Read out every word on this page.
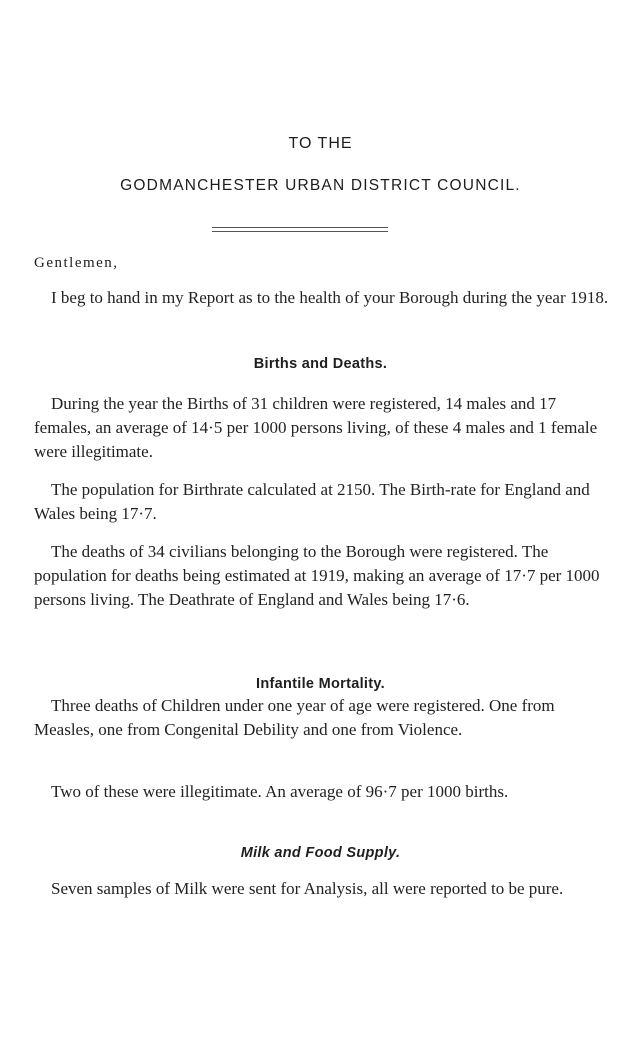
TO THE
GODMANCHESTER URBAN DISTRICT COUNCIL.
Gentlemen,

I beg to hand in my Report as to the health of your Borough during the year 1918.

Births and Deaths.

During the year the Births of 31 children were registered, 14 males and 17 females, an average of 14·5 per 1000 persons living, of these 4 males and 1 female were illegitimate.

The population for Birthrate calculated at 2150. The Birth-rate for England and Wales being 17·7.

The deaths of 34 civilians belonging to the Borough were registered. The population for deaths being estimated at 1919, making an average of 17·7 per 1000 persons living. The Deathrate of England and Wales being 17·6.

Infantile Mortality.

Three deaths of Children under one year of age were registered. One from Measles, one from Congenital Debility and one from Violence.

Two of these were illegitimate. An average of 96·7 per 1000 births.

Milk and Food Supply.

Seven samples of Milk were sent for Analysis, all were reported to be pure.
